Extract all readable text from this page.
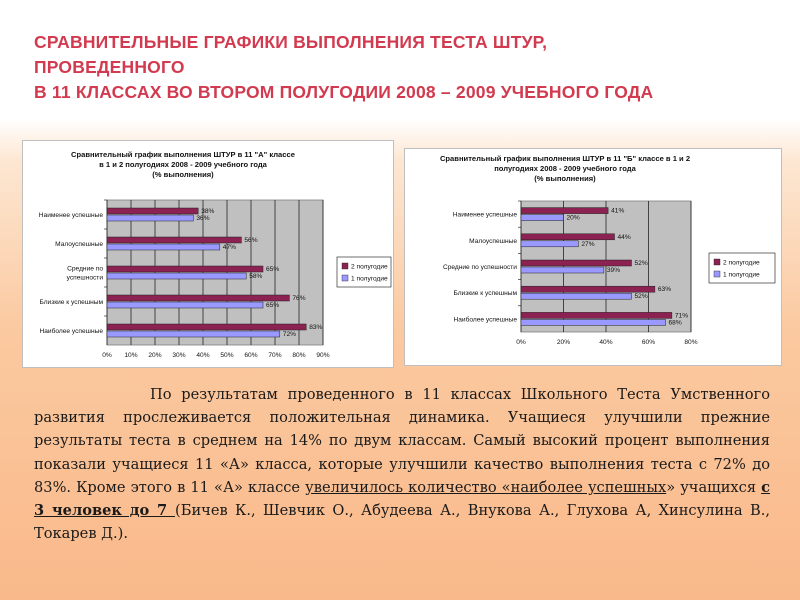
СРАВНИТЕЛЬНЫЕ ГРАФИКИ ВЫПОЛНЕНИЯ ТЕСТА ШТУР,
ПРОВЕДЕННОГО
В 11 КЛАССАХ ВО ВТОРОМ ПОЛУГОДИИ 2008 – 2009 УЧЕБНОГО ГОДА
Сравнительный график выполнения ШТУР в 11 "А" классе
в 1 и 2 полугодиях 2008 - 2009 учебного года
(% выполнения)
0% 10% 20% 30% 40% 50% 60% 70% 80% 90%
38%
36%
Наименее успешные
56%
47%
Малоуспешные
65%
58%
Средние по
успешности
76%
65%
Близкие к успешным
83%
72%
Наиболее успешные
2 полугодие
1 полугодие
Сравнительный график выполнения ШТУР в 11 "Б" классе в 1 и 2
полугодиях 2008 - 2009 учебного года
(% выполнения)
0%	20%	40%	60%	80%
41%
20%
Наименее успешные
44%
27%
Малоуспешные
52%
39%
Средние по успешности
63%
52%
Близкие к успешным
71%
68%
Наиболее успешные
2 полугодие
1 полугодие
По результатам проведенного в 11 классах Школьного Теста Умственного развития прослеживается положительная динамика. Учащиеся улучшили прежние результаты теста в среднем на 14% по двум классам. Самый высокий процент выполнения показали учащиеся 11 «А» класса, которые улучшили качество выполнения теста с 72% до 83%. Кроме этого в 11 «А» классе увеличилось количество «наиболее успешных» учащихся с 3 человек до 7 (Бичев К., Шевчик О., Абудеева А., Внукова А., Глухова А, Хинсулина В., Токарев Д.).
